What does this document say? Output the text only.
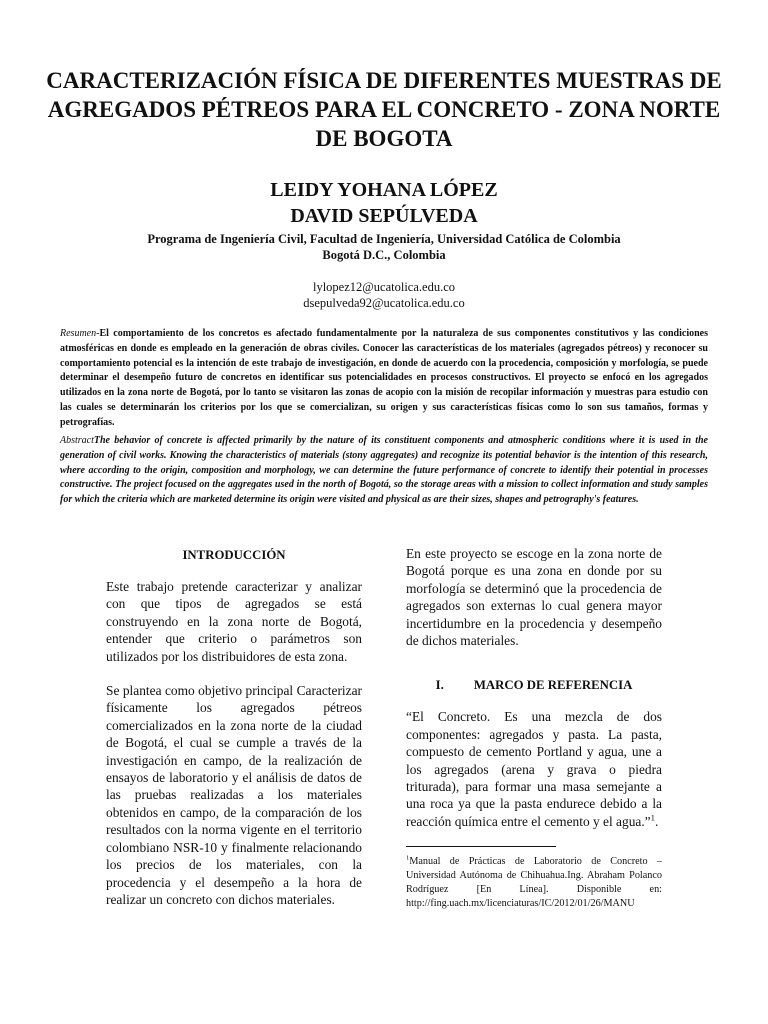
CARACTERIZACIÓN FÍSICA DE DIFERENTES MUESTRAS DE AGREGADOS PÉTREOS PARA EL CONCRETO - ZONA NORTE DE BOGOTA
LEIDY YOHANA LÓPEZ
DAVID SEPÚLVEDA
Programa de Ingeniería Civil, Facultad de Ingeniería, Universidad Católica de Colombia
Bogotá D.C., Colombia
lylopez12@ucatolica.edu.co
dsepulveda92@ucatolica.edu.co

Resumen-El comportamiento de los concretos es afectado fundamentalmente por la naturaleza de sus componentes constitutivos y las condiciones atmosféricas en donde es empleado en la generación de obras civiles. Conocer las características de los materiales (agregados pétreos) y reconocer su comportamiento potencial es la intención de este trabajo de investigación, en donde de acuerdo con la procedencia, composición y morfología, se puede determinar el desempeño futuro de concretos en identificar sus potencialidades en procesos constructivos. El proyecto se enfocó en los agregados utilizados en la zona norte de Bogotá, por lo tanto se visitaron las zonas de acopio con la misión de recopilar información y muestras para estudio con las cuales se determinarán los criterios por los que se comercializan, su origen y sus características físicas como lo son sus tamaños, formas y petrografías.

AbstractThe behavior of concrete is affected primarily by the nature of its constituent components and atmospheric conditions where it is used in the generation of civil works. Knowing the characteristics of materials (stony aggregates) and recognize its potential behavior is the intention of this research, where according to the origin, composition and morphology, we can determine the future performance of concrete to identify their potential in processes constructive. The project focused on the aggregates used in the north of Bogotá, so the storage areas with a mission to collect information and study samples for which the criteria which are marketed determine its origin were visited and physical as are their sizes, shapes and petrography's features.

INTRODUCCIÓN

Este trabajo pretende caracterizar y analizar con que tipos de agregados se está construyendo en la zona norte de Bogotá, entender que criterio o parámetros son utilizados por los distribuidores de esta zona.

Se plantea como objetivo principal Caracterizar físicamente los agregados pétreos comercializados en la zona norte de la ciudad de Bogotá, el cual se cumple a través de la investigación en campo, de la realización de ensayos de laboratorio y el análisis de datos de las pruebas realizadas a los materiales obtenidos en campo, de la comparación de los resultados con la norma vigente en el territorio colombiano NSR-10 y finalmente relacionando los precios de los materiales, con la procedencia y el desempeño a la hora de realizar un concreto con dichos materiales.

En este proyecto se escoge en la zona norte de Bogotá porque es una zona en donde por su morfología se determinó que la procedencia de agregados son externas lo cual genera mayor incertidumbre en la procedencia y desempeño de dichos materiales.

I. MARCO DE REFERENCIA

“El Concreto. Es una mezcla de dos componentes: agregados y pasta. La pasta, compuesto de cemento Portland y agua, une a los agregados (arena y grava o piedra triturada), para formar una masa semejante a una roca ya que la pasta endurece debido a la reacción química entre el cemento y el agua.”$^1$.

$^1$Manual de Prácticas de Laboratorio de Concreto – Universidad Autónoma de Chihuahua.Ing. Abraham Polanco Rodríguez [En Línea]. Disponible en: http://fing.uach.mx/licenciaturas/IC/2012/01/26/MANU
